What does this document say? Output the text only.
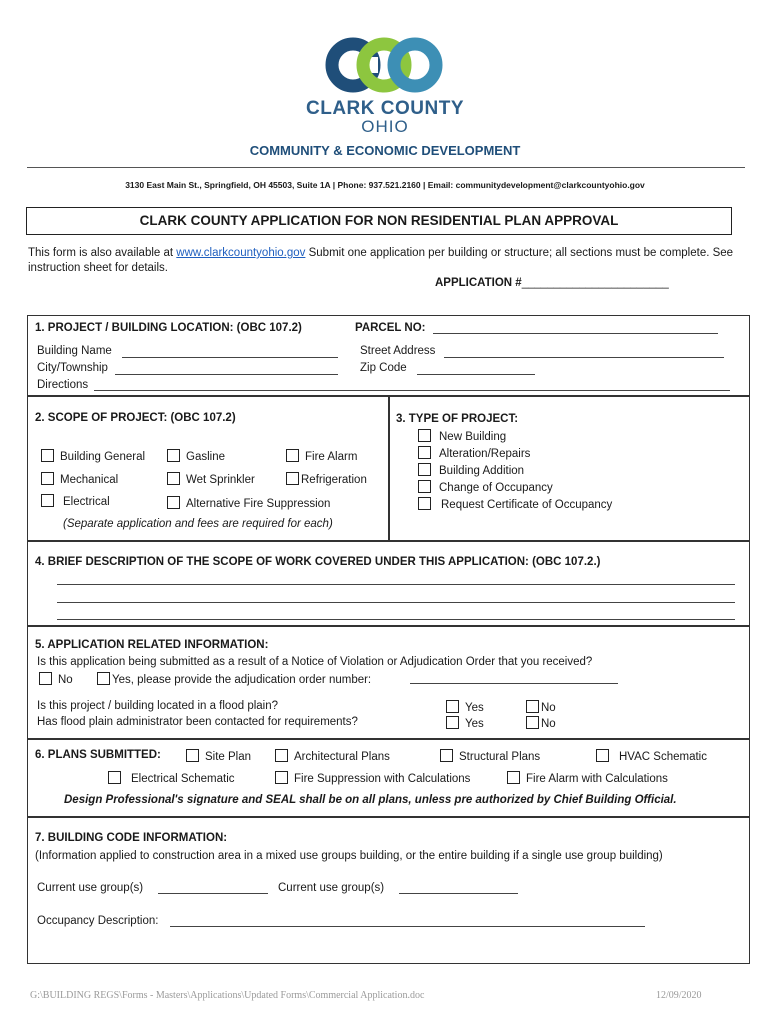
CCO
CLARK COUNTY
OHIO
COMMUNITY & ECONOMIC DEVELOPMENT
3130 East Main St., Springfield, OH 45503, Suite 1A | Phone: 937.521.2160 | Email: communitydevelopment@clarkcountyohio.gov
CLARK COUNTY APPLICATION FOR NON RESIDENTIAL PLAN APPROVAL
This form is also available at www.clarkcountyohio.gov Submit one application per building or structure; all sections must be complete. See instruction sheet for details.
APPLICATION #_______________________
1. PROJECT / BUILDING LOCATION: (OBC 107.2)	PARCEL NO:
Building Name	Street Address
City/Township	Zip Code
Directions
2. SCOPE OF PROJECT: (OBC 107.2)
Building General	Gasline	Fire Alarm
Mechanical	Wet Sprinkler	Refrigeration
Electrical	Alternative Fire Suppression
(Separate application and fees are required for each)
3. TYPE OF PROJECT:
New Building
Alteration/Repairs
Building Addition
Change of Occupancy
Request Certificate of Occupancy
4. BRIEF DESCRIPTION OF THE SCOPE OF WORK COVERED UNDER THIS APPLICATION: (OBC 107.2.)
5. APPLICATION RELATED INFORMATION:
Is this application being submitted as a result of a Notice of Violation or Adjudication Order that you received?
No	Yes, please provide the adjudication order number:
Is this project / building located in a flood plain?
Has flood plain administrator been contacted for requirements?
Yes	No
Yes	No
6. PLANS SUBMITTED:	Site Plan	Architectural Plans	Structural Plans	HVAC Schematic
Electrical Schematic	Fire Suppression with Calculations	Fire Alarm with Calculations
Design Professional's signature and SEAL shall be on all plans, unless pre authorized by Chief Building Official.
7. BUILDING CODE INFORMATION:
(Information applied to construction area in a mixed use groups building, or the entire building if a single use group building)
Current use group(s)	Current use group(s)
Occupancy Description:
G:\BUILDING REGS\Forms - Masters\Applications\Updated Forms\Commercial Application.doc	12/09/2020
